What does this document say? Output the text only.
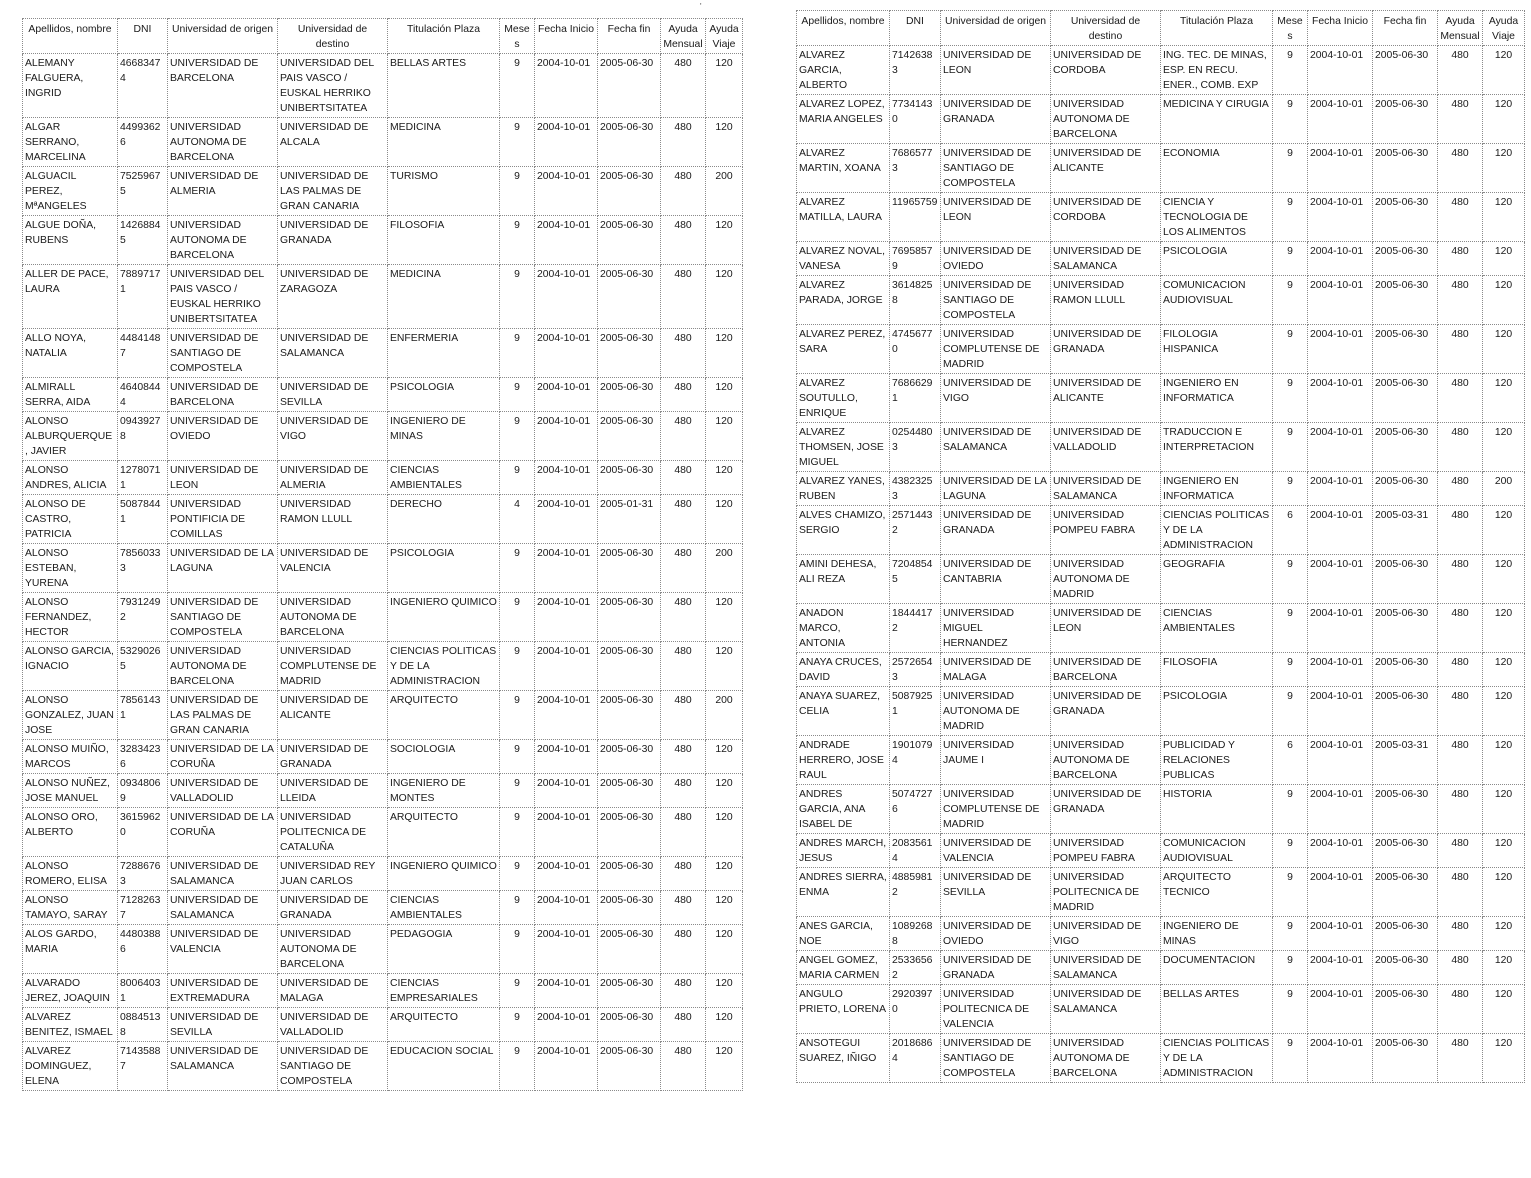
'
Apellidos, nombre	DNI	Universidad de origen	Universidad de destino	Titulación Plaza	Meses	Fecha Inicio	Fecha fin	Ayuda Mensual	Ayuda Viaje
ALEMANY FALGUERA, INGRID	46683474	UNIVERSIDAD DE BARCELONA	UNIVERSIDAD DEL PAIS VASCO / EUSKAL HERRIKO UNIBERTSITATEA	BELLAS ARTES	9	2004-10-01	2005-06-30	480	120
ALGAR SERRANO, MARCELINA	44993626	UNIVERSIDAD AUTONOMA DE BARCELONA	UNIVERSIDAD DE ALCALA	MEDICINA	9	2004-10-01	2005-06-30	480	120
ALGUACIL PEREZ, MªANGELES	75259675	UNIVERSIDAD DE ALMERIA	UNIVERSIDAD DE LAS PALMAS DE GRAN CANARIA	TURISMO	9	2004-10-01	2005-06-30	480	200
ALGUE DOÑA, RUBENS	14268845	UNIVERSIDAD AUTONOMA DE BARCELONA	UNIVERSIDAD DE GRANADA	FILOSOFIA	9	2004-10-01	2005-06-30	480	120
ALLER DE PACE, LAURA	78897171	UNIVERSIDAD DEL PAIS VASCO / EUSKAL HERRIKO UNIBERTSITATEA	UNIVERSIDAD DE ZARAGOZA	MEDICINA	9	2004-10-01	2005-06-30	480	120
ALLO NOYA, NATALIA	44841487	UNIVERSIDAD DE SANTIAGO DE COMPOSTELA	UNIVERSIDAD DE SALAMANCA	ENFERMERIA	9	2004-10-01	2005-06-30	480	120
ALMIRALL SERRA, AIDA	46408444	UNIVERSIDAD DE BARCELONA	UNIVERSIDAD DE SEVILLA	PSICOLOGIA	9	2004-10-01	2005-06-30	480	120
ALONSO ALBURQUERQUE, JAVIER	09439278	UNIVERSIDAD DE OVIEDO	UNIVERSIDAD DE VIGO	INGENIERO DE MINAS	9	2004-10-01	2005-06-30	480	120
ALONSO ANDRES, ALICIA	12780711	UNIVERSIDAD DE LEON	UNIVERSIDAD DE ALMERIA	CIENCIAS AMBIENTALES	9	2004-10-01	2005-06-30	480	120
ALONSO DE CASTRO, PATRICIA	50878441	UNIVERSIDAD PONTIFICIA DE COMILLAS	UNIVERSIDAD RAMON LLULL	DERECHO	4	2004-10-01	2005-01-31	480	120
ALONSO ESTEBAN, YURENA	78560333	UNIVERSIDAD DE LA LAGUNA	UNIVERSIDAD DE VALENCIA	PSICOLOGIA	9	2004-10-01	2005-06-30	480	200
ALONSO FERNANDEZ, HECTOR	79312492	UNIVERSIDAD DE SANTIAGO DE COMPOSTELA	UNIVERSIDAD AUTONOMA DE BARCELONA	INGENIERO QUIMICO	9	2004-10-01	2005-06-30	480	120
ALONSO GARCIA, IGNACIO	53290265	UNIVERSIDAD AUTONOMA DE BARCELONA	UNIVERSIDAD COMPLUTENSE DE MADRID	CIENCIAS POLITICAS Y DE LA ADMINISTRACION	9	2004-10-01	2005-06-30	480	120
ALONSO GONZALEZ, JUAN JOSE	78561431	UNIVERSIDAD DE LAS PALMAS DE GRAN CANARIA	UNIVERSIDAD DE ALICANTE	ARQUITECTO	9	2004-10-01	2005-06-30	480	200
ALONSO MUIÑO, MARCOS	32834236	UNIVERSIDAD DE LA CORUÑA	UNIVERSIDAD DE GRANADA	SOCIOLOGIA	9	2004-10-01	2005-06-30	480	120
ALONSO NUÑEZ, JOSE MANUEL	09348069	UNIVERSIDAD DE VALLADOLID	UNIVERSIDAD DE LLEIDA	INGENIERO DE MONTES	9	2004-10-01	2005-06-30	480	120
ALONSO ORO, ALBERTO	36159620	UNIVERSIDAD DE LA CORUÑA	UNIVERSIDAD POLITECNICA DE CATALUÑA	ARQUITECTO	9	2004-10-01	2005-06-30	480	120
ALONSO ROMERO, ELISA	72886763	UNIVERSIDAD DE SALAMANCA	UNIVERSIDAD REY JUAN CARLOS	INGENIERO QUIMICO	9	2004-10-01	2005-06-30	480	120
ALONSO TAMAYO, SARAY	71282637	UNIVERSIDAD DE SALAMANCA	UNIVERSIDAD DE GRANADA	CIENCIAS AMBIENTALES	9	2004-10-01	2005-06-30	480	120
ALOS GARDO, MARIA	44803886	UNIVERSIDAD DE VALENCIA	UNIVERSIDAD AUTONOMA DE BARCELONA	PEDAGOGIA	9	2004-10-01	2005-06-30	480	120
ALVARADO JEREZ, JOAQUIN	80064031	UNIVERSIDAD DE EXTREMADURA	UNIVERSIDAD DE MALAGA	CIENCIAS EMPRESARIALES	9	2004-10-01	2005-06-30	480	120
ALVAREZ BENITEZ, ISMAEL	08845138	UNIVERSIDAD DE SEVILLA	UNIVERSIDAD DE VALLADOLID	ARQUITECTO	9	2004-10-01	2005-06-30	480	120
ALVAREZ DOMINGUEZ, ELENA	71435887	UNIVERSIDAD DE SALAMANCA	UNIVERSIDAD DE SANTIAGO DE COMPOSTELA	EDUCACION SOCIAL	9	2004-10-01	2005-06-30	480	120
Apellidos, nombre	DNI	Universidad de origen	Universidad de destino	Titulación Plaza	Meses	Fecha Inicio	Fecha fin	Ayuda Mensual	Ayuda Viaje
ALVAREZ GARCIA, ALBERTO	71426383	UNIVERSIDAD DE LEON	UNIVERSIDAD DE CORDOBA	ING. TEC. DE MINAS, ESP. EN RECU. ENER., COMB. EXP	9	2004-10-01	2005-06-30	480	120
ALVAREZ LOPEZ, MARIA ANGELES	77341430	UNIVERSIDAD DE GRANADA	UNIVERSIDAD AUTONOMA DE BARCELONA	MEDICINA Y CIRUGIA	9	2004-10-01	2005-06-30	480	120
ALVAREZ MARTIN, XOANA	76865773	UNIVERSIDAD DE SANTIAGO DE COMPOSTELA	UNIVERSIDAD DE ALICANTE	ECONOMIA	9	2004-10-01	2005-06-30	480	120
ALVAREZ MATILLA, LAURA	11965759	UNIVERSIDAD DE LEON	UNIVERSIDAD DE CORDOBA	CIENCIA Y TECNOLOGIA DE LOS ALIMENTOS	9	2004-10-01	2005-06-30	480	120
ALVAREZ NOVAL, VANESA	76958579	UNIVERSIDAD DE OVIEDO	UNIVERSIDAD DE SALAMANCA	PSICOLOGIA	9	2004-10-01	2005-06-30	480	120
ALVAREZ PARADA, JORGE	36148258	UNIVERSIDAD DE SANTIAGO DE COMPOSTELA	UNIVERSIDAD RAMON LLULL	COMUNICACION AUDIOVISUAL	9	2004-10-01	2005-06-30	480	120
ALVAREZ PEREZ, SARA	47456770	UNIVERSIDAD COMPLUTENSE DE MADRID	UNIVERSIDAD DE GRANADA	FILOLOGIA HISPANICA	9	2004-10-01	2005-06-30	480	120
ALVAREZ SOUTULLO, ENRIQUE	76866291	UNIVERSIDAD DE VIGO	UNIVERSIDAD DE ALICANTE	INGENIERO EN INFORMATICA	9	2004-10-01	2005-06-30	480	120
ALVAREZ THOMSEN, JOSE MIGUEL	02544803	UNIVERSIDAD DE SALAMANCA	UNIVERSIDAD DE VALLADOLID	TRADUCCION E INTERPRETACION	9	2004-10-01	2005-06-30	480	120
ALVAREZ YANES, RUBEN	43823253	UNIVERSIDAD DE LA LAGUNA	UNIVERSIDAD DE SALAMANCA	INGENIERO EN INFORMATICA	9	2004-10-01	2005-06-30	480	200
ALVES CHAMIZO, SERGIO	25714432	UNIVERSIDAD DE GRANADA	UNIVERSIDAD POMPEU FABRA	CIENCIAS POLITICAS Y DE LA ADMINISTRACION	6	2004-10-01	2005-03-31	480	120
AMINI DEHESA, ALI REZA	72048545	UNIVERSIDAD DE CANTABRIA	UNIVERSIDAD AUTONOMA DE MADRID	GEOGRAFIA	9	2004-10-01	2005-06-30	480	120
ANADON MARCO, ANTONIA	18444172	UNIVERSIDAD MIGUEL HERNANDEZ	UNIVERSIDAD DE LEON	CIENCIAS AMBIENTALES	9	2004-10-01	2005-06-30	480	120
ANAYA CRUCES, DAVID	25726543	UNIVERSIDAD DE MALAGA	UNIVERSIDAD DE BARCELONA	FILOSOFIA	9	2004-10-01	2005-06-30	480	120
ANAYA SUAREZ, CELIA	50879251	UNIVERSIDAD AUTONOMA DE MADRID	UNIVERSIDAD DE GRANADA	PSICOLOGIA	9	2004-10-01	2005-06-30	480	120
ANDRADE HERRERO, JOSE RAUL	19010794	UNIVERSIDAD JAUME I	UNIVERSIDAD AUTONOMA DE BARCELONA	PUBLICIDAD Y RELACIONES PUBLICAS	6	2004-10-01	2005-03-31	480	120
ANDRES GARCIA, ANA ISABEL DE	50747276	UNIVERSIDAD COMPLUTENSE DE MADRID	UNIVERSIDAD DE GRANADA	HISTORIA	9	2004-10-01	2005-06-30	480	120
ANDRES MARCH, JESUS	20835614	UNIVERSIDAD DE VALENCIA	UNIVERSIDAD POMPEU FABRA	COMUNICACION AUDIOVISUAL	9	2004-10-01	2005-06-30	480	120
ANDRES SIERRA, ENMA	48859812	UNIVERSIDAD DE SEVILLA	UNIVERSIDAD POLITECNICA DE MADRID	ARQUITECTO TECNICO	9	2004-10-01	2005-06-30	480	120
ANES GARCIA, NOE	10892688	UNIVERSIDAD DE OVIEDO	UNIVERSIDAD DE VIGO	INGENIERO DE MINAS	9	2004-10-01	2005-06-30	480	120
ANGEL GOMEZ, MARIA CARMEN	25336562	UNIVERSIDAD DE GRANADA	UNIVERSIDAD DE SALAMANCA	DOCUMENTACION	9	2004-10-01	2005-06-30	480	120
ANGULO PRIETO, LORENA	29203970	UNIVERSIDAD POLITECNICA DE VALENCIA	UNIVERSIDAD DE SALAMANCA	BELLAS ARTES	9	2004-10-01	2005-06-30	480	120
ANSOTEGUI SUAREZ, IÑIGO	20186864	UNIVERSIDAD DE SANTIAGO DE COMPOSTELA	UNIVERSIDAD AUTONOMA DE BARCELONA	CIENCIAS POLITICAS Y DE LA ADMINISTRACION	9	2004-10-01	2005-06-30	480	120
